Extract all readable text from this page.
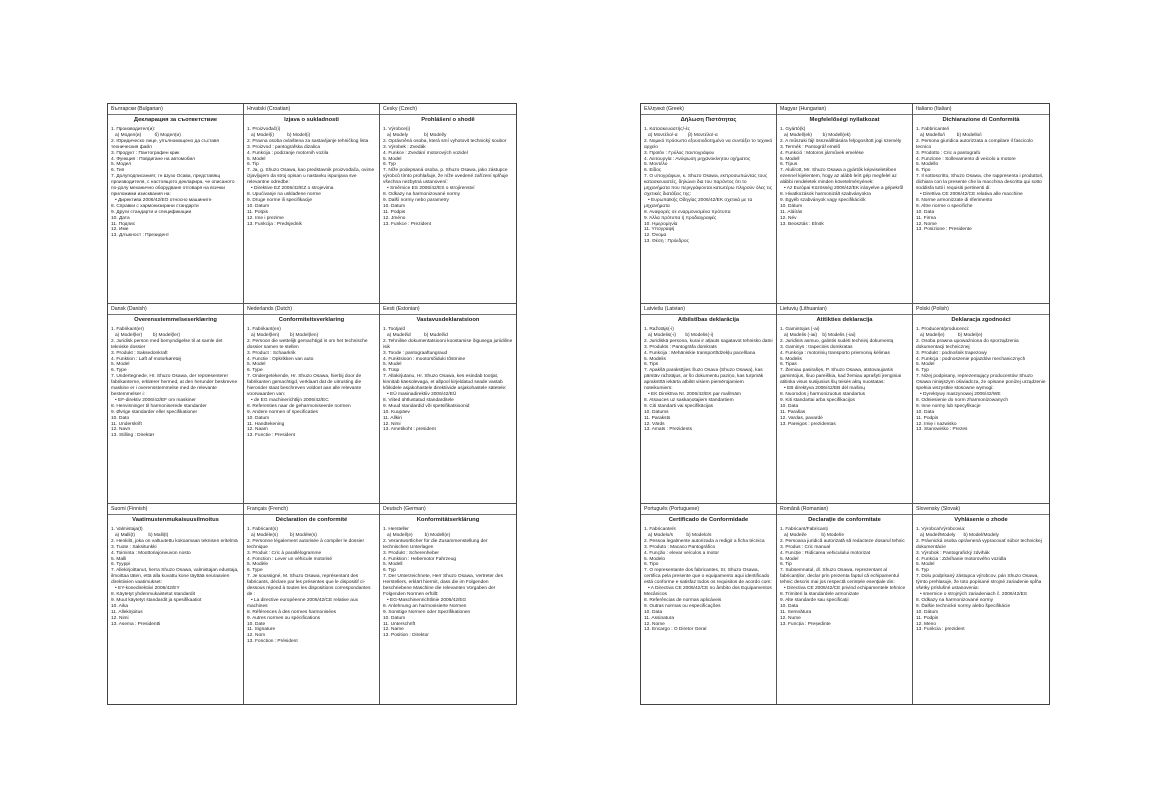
Български (Bulgarian)
Декларация за съответствие
1. Производител(и):
а) Модел(и)          б) Модел(и)
2. Юридическо лице, упълномощено да съставя техническия файл
3. Продукт : Пантографен крик
4. Функция : Повдигане на автомобил
5. Модел
6. Тип
7. Долуподписаният, гн Шузо Осава, представящ производителя, с настоящото декларира, че описаното по-долу механично оборудване отговаря на всички приложими изисквания на:
• Директива 2006/42/ЕО относно машините
8. Справки с хармонизирани стандарти
9. Други стандарти и спецификации
10. Дата
11. Подпис
12. Име
13. Длъжност : Президент
Hrvatski (Croatian)
Izjava o sukladnosti
1. Proizvođač(i)
a) Model(i)          b) Model(i)
2. Pravna osoba ovlaštena za sastavljanje tehničkog lista
3. Proizvod : pantografska dizalica
4. Funkcija : podizanje motornih vozila
5. Model
6. Tip
7. Ja, g. Shuzo Osawa, kao predstavnik proizvođača, ovime izjavljujem da stroj opisan u nastavku ispunjava sve relevantne odredbe:
• Direktive EZ 2006/42/EZ o strojevima
8. Upućivanje na usklađene norme
9. Druge norme ili specifikacije
10. Datum
11. Potpis
12. Ime i prezime
13. Funkcija : Predsjednik
Česky (Czech)
Prohlášení o shodě
1. Výrobce(i)
a) Modely            b) Model/y
2. Oprávněná osoba, která smí vyhotovit technický soubor
3. Výrobek : Zvedák
4. Funkce : Zvedání motorových vozidel
5. Model
6. Typ
7. Níže podepsaná osoba, p. Shuzo Osawa, jako zástupce výrobců tímto prohlašuje, že níže uvedené zařízení splňuje všechna nezbytná ustanovení:
• Směrnice ES 2006/42/ES o strojírenství
8. Odkazy na harmonizované normy
9. Další normy nebo parametry
10. Datum
11. Podpis
12. Jméno
13. Funkce : Prezident
Dansk (Danish)
Overensstemmelseserklæring
1. Fabrikant(er)
a) Model(ler)        b) Model(ler)
2. Juridisk person med bemyndigelse til at samle det tekniske dossier
3. Produkt : Saksedonkraft
4. Funktion : Løft af motorkøretøj
5. Model
6. Type
7. Undertegnede, Hr. Shuzo Osawa, der repræsenterer fabrikanterne, erklærer hermed, at den herunder beskrevne maskine er i overensstemmelse med de relevante bestemmelser i:
• EF-direktiv 2006/42/EF om maskiner
8. Henvisninger til harmoniserede standarder
9. Øvrige standarder eller specifikationer
10. Dato
11. Underskrift
12. Navn
13. Stilling : Direktør
Nederlands (Dutch)
Conformiteitsverklaring
1. Fabrikant(en)
a) Model(len)        b) Model(len)
2. Persoon die wettelijk gemachtigd is om het technische dossier samen te stellen
3. Product : Schaarkrik
4. Functie : Opkrikken van auto
5. Model
6. Type
7. Ondergetekende, Hr. Shuzo Osawa, hierbij door de fabrikanten gemachtigd, verklaart dat de uitrusting die hieronder staat beschreven voldoet aan alle relevante voorwaarden van:
• de EG machinerichtlijn 2006/42/EC
8. Referenties naar de geharmoniseerde normen
9. Andere normen of specificaties
10. Datum
11. Handtekening
12. Naam
13. Functie : President
Eesti (Estonian)
Vastavusdeklaratsioon
1. Tootja/d
a) Mudel/id          b) Mudel/id
2. Tehnilise dokumentatsiooni koostamise õigusega juriidiline isik
3. Toode : pantograaftungraud
4. Funktsioon : mootorsõiduki tõstmine
5. Mudel
6. Tüüp
7. Allakirjutanu, Hr. Shuzo Osawa, kes esindab tootjat, kinnitab käesolevaga, et allpool kirjeldatud seade vastab kõikidele asjakohastele direktiivide asjakohastele sätetele:
• EÜ masinadirektiiv 2006/42/EÜ
8. Viited ühtlustatud standarditele
9. Muud standardid või spetsifikatsioonid
10. Kuupäev
11. Allkiri
12. Nimi
13. Ametikoht : president
Suomi (Finnish)
Vaatimustenmukaisuusilmoitus
1. Valmistaja(t)
a) Malli(t)          b) Malli(t)
2. Henkilö, joka on valtuutettu kokoamaan teknisen eritelmä
3. Tuote : Saksitunkki
4. Toiminta : Moottoriajoneuvon nosto
5. Malli
6. Tyyppi
7. Allekirjoittanut, herra Shuzo Osawa, valmistajan edustaja, ilmoittaa täten, että alla kuvattu kone täyttää seuraavien direktiivien vaatimukset:
• EY-konedirektiivi 2006/42/EY
8. Käytetyt yhdenmukaistetut standardit
9. Muut käytetyt standardit ja spesifikaatiot
10. Aika
11. Allekirjoitus
12. Nimi
13. Asema : Presidentti
Français (French)
Déclaration de conformité
1. Fabricant(s)
a) Modèle(s)         b) Modèle(s)
2. Personne légalement autorisée à compiler le dossier technique
3. Produit : Cric à parallélogramme
4. Fonction : Lever un véhicule motorisé
5. Modèle
6. Type
7. Je soussigné, M. Shuzo Osawa, représentant des fabricants, déclare par les présentes que le dispositif ci-dessous répond à toutes les dispositions correspondantes de :
• La directive européenne 2006/42/CE relative aux machines
8. Références à des normes harmonisées
9. Autres normes ou spécifications
10. Date
11. Signature
12. Nom
13. Fonction : Président
Deutsch (German)
Konformitätserklärung
1. Hersteller
a) Modell(e)         b) Modell(e)
2. Verantwortlicher für die Zusammenstellung der technischen Unterlagen
3. Produkt : Scherenheber
4. Funktion : Hebemotor Fahrzeug
5. Modell
6. Typ
7. Der Unterzeichnete, Herr Shuzo Osawa, Vertreter des Herstellers, erklärt hiermit, dass die im Folgenden beschriebene Maschine die relevanten Vorgaben der Folgenden Normen erfüllt:
• EG-Maschinenrichtlinie 2006/42/EG
8. Anlehnung an harmonisierte Normen
9. Sonstige Normen oder Spezifikationen
10. Datum
11. Unterschrift
12. Name
13. Position : Direktor
Ελληνικά (Greek)
Δήλωση Πιστότητας
1. Κατασκευαστής/-ές
α) Μοντέλο/-α        β) Μοντέλο/-α
2. Νομικό πρόσωπο εξουσιοδοτημένο να συντάξει το τεχνικό αρχείο
3. Προϊόν : Γρύλος παντογράφου
4. Λειτουργία : Ανύψωση μηχανοκίνητου οχήματος
5. Μοντέλο
6. Είδος
7. Ο υπογράφων, κ. Shuzo Osawa, εκπροσωπώντας τους κατασκευαστές, δηλώνει δια του παρόντος ότι το μηχανήματα που περιγράφονται κατωτέρω πληρούν όλες τις σχετικές διατάξεις της:
• Ευρωπαϊκής Οδηγίας 2006/42/ΕΚ σχετικά με τα μηχανήματα
8. Αναφορές σε εναρμονισμένα πρότυπα
9. Άλλα πρότυπα ή προδιαγραφές
10. Ημερομηνία
11. Υπογραφή
12. Όνομα
13. Θέση : Πρόεδρος
Magyar (Hungarian)
Megfelelőségi nyilatkozat
1. Gyártó(k)
a) Modell(ek)        b) Modell(ek)
2. A műszaki fájl összeállítására feljogosított jogi személy
3. Termék : Pantográf emelő
4. Funkció : Motoros járművek emelése
5. Modell
6. Típus
7. Alulírott, Mr. Shuzo Osawa a gyártók képviseletében ezennel kijelentem, hogy az alább leírt gép megfelel az alábbi rendeletek minden követelményének:
• Az Európai Közösség 2006/42/EK irányelve a gépekről
8. Hivatkozások harmonizált szabványokra
9. Egyéb szabványok vagy specifikációk
10. Dátum
11. Aláírás
12. Név
13. Beosztás : Elnök
Italiano (Italian)
Dichiarazione di Conformità
1. Fabbricante/i
a) Modello/i         b) Modello/i
2. Persona giuridica autorizzata a compilare il fascicolo tecnico
3. Prodotto : Cric a pantografo
4. Funzione : Sollevamento di veicolo a motore
5. Modello
6. Tipo
7. Il sottoscritto, Shuzo Osawa, che rappresenta i produttori, dichiara con la presente che la macchina descritta qui sotto soddisfa tutti i requisiti pertinenti di:
• Direttiva CE 2006/42/CE relativa alle macchine
8. Norme armonizzate di riferimento
9. Altre norme o specifiche
10. Data
11. Firma
12. Nome
13. Posizione : Presidente
Latviešu (Latvian)
Atbilstības deklarācija
1. Ražotājs(-i)
a) Modelis(-i)       b) Modelis(-i)
2. Juridiskā persona, kurai ir atļauts sagatavot tehnisko datni
3. Produkts : Pantogrāfa domkrats
4. Funkcija : Mehāniskie transportlīdzekļu pacelšana
5. Modelis
6. Tips
7. Apakšā parakstījies Šuzo Osava (Shuzo Osawa), kas pārstāv ražotājus, ar šo dokumentu paziņo, kas turpmāk aprakstītā iekārta atbilst visiem piemērojamiem noteikumiem:
• EK Direktīva Nr. 2006/42/EK par mašīnām
8. Atsauces uz saskaņotajiem standartiem
9. Citi standarti vai specifikācijas
10. Datums
11. Paraksts
12. Vārds
13. Amats : Prezidents
Lietuvių (Lithuanian)
Atitikties deklaracija
1. Gamintojas (-ai)
a) Modelis (-iai)    b) Modelis (-iai)
2. Juridinis asmuo, galintis sudėti techninį dokumentą
3. Gaminys : trapecinis domkratas
4. Funkcija : motorinių transporto priemonių kėlimas
5. Modelis
6. Tipas
7. Žemiau pasirašęs, P. Shuzo Osawa, atstovaujantis gamintojus, šiuo pareiškia, kad žemiau aprašyti įrenginiai atitinka visus susijusius šių teisės aktų nuostatas:
• EB direktyva 2006/42/EB dėl mašinų
8. Nuorodos į harmonizuotus standartus
9. Kiti standartai arba specifikacijos
10. Data
11. Parašas
12. Vardas, pavardė
13. Pareigos : prezidentas
Polski (Polish)
Deklaracja zgodności
1. Producent/producenci:
a) Model(e)          b) Model(e)
2. Osoba prawna upoważniona do sporządzenia dokumentacji technicznej
3. Produkt : podnośnik trapezowy
4. Funkcja : podnoszenie pojazdów mechanicznych
5. Model
6. Typ
7. Niżej podpisany, reprezentujący producentów Shuzo Osawa niniejszym oświadcza, że opisane poniżej urządzenie spełnia wszystkie stosowne wymogi:
• Dyrektywy maszynowej 2006/42/WE
8. Odniesienie do norm zharmonizowanych
9. Inne normy lub specyfikacje
10. Data
11. Podpis
12. Imię i nazwisko
13. Stanowisko : Prezes
Português (Portuguese)
Certificado de Conformidade
1. Fabricante/s
a) Modelo/s          b) Modelo/s
2. Pessoa legalmente autorizada a redigir a ficha técnica
3. Produto : Macaco Pantográfico
4. Função : elevar veículos a motor
5. Modelo
6. Tipo
7. O representante dos fabricantes, Sr. Shuzo Osawa, certifica pela presente que o equipamento aqui identificado está conforme e satisfaz todos os requisitos de acordo com:
• A Directiva CE 2006/42/CE no âmbito dos Equipamentos Mecânicos
8. Referências de normas aplicáveis
9. Outras normas ou especificações
10. Data
11. Assinatura
12. Nome
13. Encargo : O Diretor Geral
Română (Romanian)
Declarație de conformitate
1. Fabricant/Fabricanți
a) Model/e           b) Model/e
2. Persoana juridică autorizată să redacteze dosarul tehnic
3. Produs : Cric manual
4. Funcție : Ridicarea vehiculului motorizat
5. Model
6. Tip
7. Subsemnatul, dl. Shuzo Osawa, reprezentant al fabricanților, declar prin prezenta faptul că echipamentul tehnic descris mai jos respectă cerințele esențiale din:
• Directiva CE 2006/42/CE privind echipamentele tehnice
8. Trimiteri la standardele armonizate
9. Alte standarde sau specificații
10. Data
11. Semnătura
12. Nume
13. Funcția : Președinte
Slovensky (Slovak)
Vyhlásenie o zhode
1. Výrobca/Výrobcovia:
a) Model/Modely      b) Model/Modely
2. Právnická osoba oprávnená vypracovať súbor technickej dokumentácie
3. Výrobok : Pantografický zdvihák
4. Funkcia : Zdvíhanie motorového vozidla
5. Model
6. Typ
7. Dolu podpísaný zástupca výrobcov, pán Shuzo Osawa, týmto prehlasuje, že toto popísané strojné zariadenie spĺňa všetky príslušné ustanovenia:
• smernice o strojných zariadeniach č. 2006/42/ES
8. Odkazy na harmonizované normy
9. Ďalšie technické normy alebo špecifikácie
10. Dátum
11. Podpis
12. Meno
13. Funkcia : prezident
